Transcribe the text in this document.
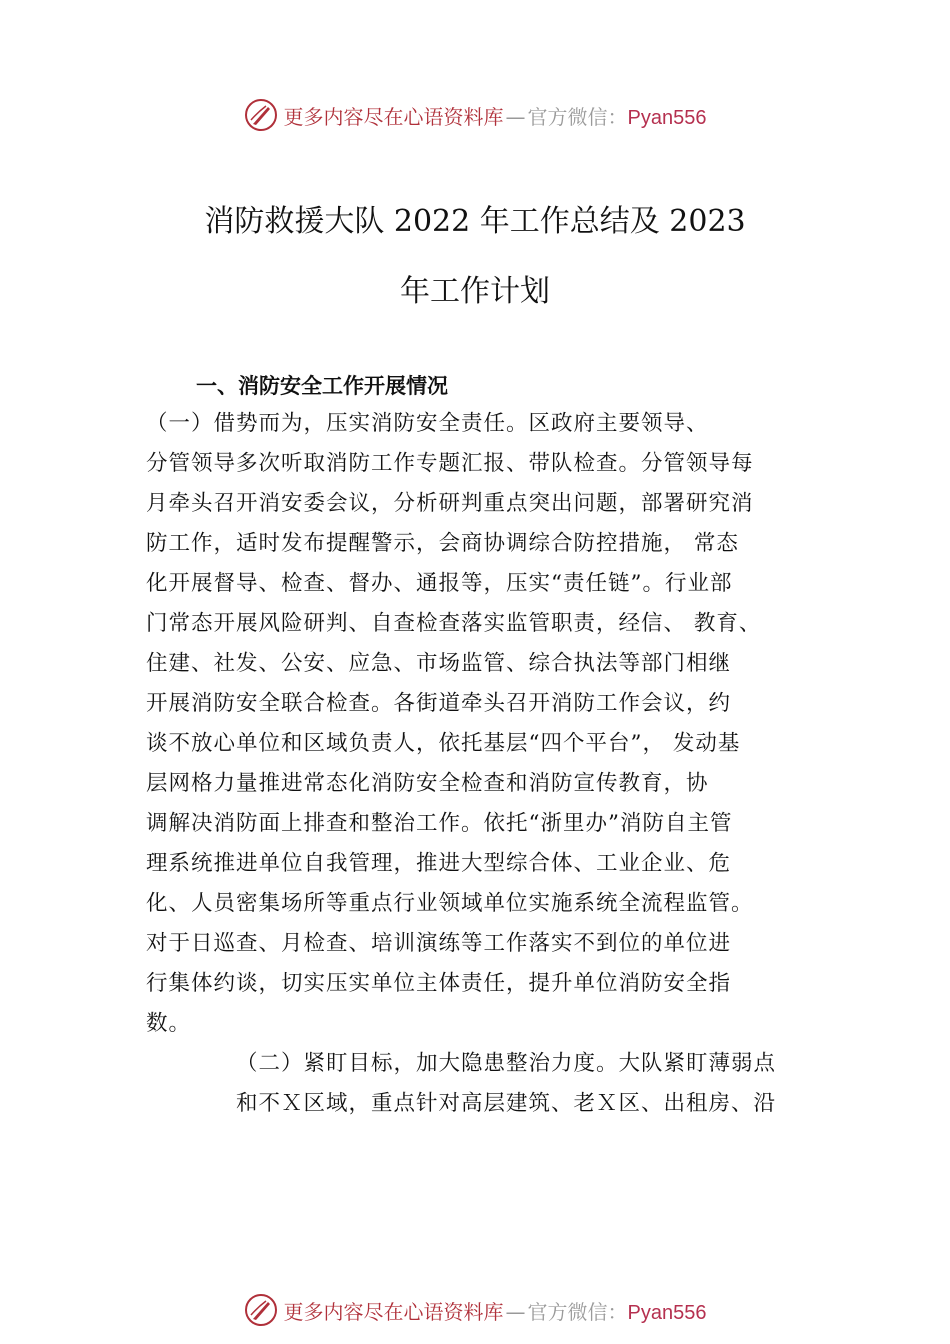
更多内容尽在心语资料库 — 官方微信：Pyan556
消防救援大队 2022 年工作总结及 2023
年工作计划
一、消防安全工作开展情况
（一）借势而为，压实消防安全责任。区政府主要领导、
分管领导多次听取消防工作专题汇报、带队检查。分管领导每
月牵头召开消安委会议，分析研判重点突出问题，部署研究消
防工作，适时发布提醒警示，会商协调综合防控措施， 常态
化开展督导、检查、督办、通报等，压实“责任链”。行业部
门常态开展风险研判、自查检查落实监管职责，经信、 教育、
住建、社发、公安、应急、市场监管、综合执法等部门相继
开展消防安全联合检查。各街道牵头召开消防工作会议，约
谈不放心单位和区域负责人，依托基层“四个平台”， 发动基
层网格力量推进常态化消防安全检查和消防宣传教育，协
调解决消防面上排查和整治工作。依托“浙里办”消防自主管
理系统推进单位自我管理，推进大型综合体、工业企业、危
化、人员密集场所等重点行业领域单位实施系统全流程监管。
对于日巡查、月检查、培训演练等工作落实不到位的单位进
行集体约谈，切实压实单位主体责任，提升单位消防安全指
数。
（二）紧盯目标，加大隐患整治力度。大队紧盯薄弱点
和不Ｘ区域，重点针对高层建筑、老Ｘ区、出租房、沿
更多内容尽在心语资料库 — 官方微信：Pyan556
